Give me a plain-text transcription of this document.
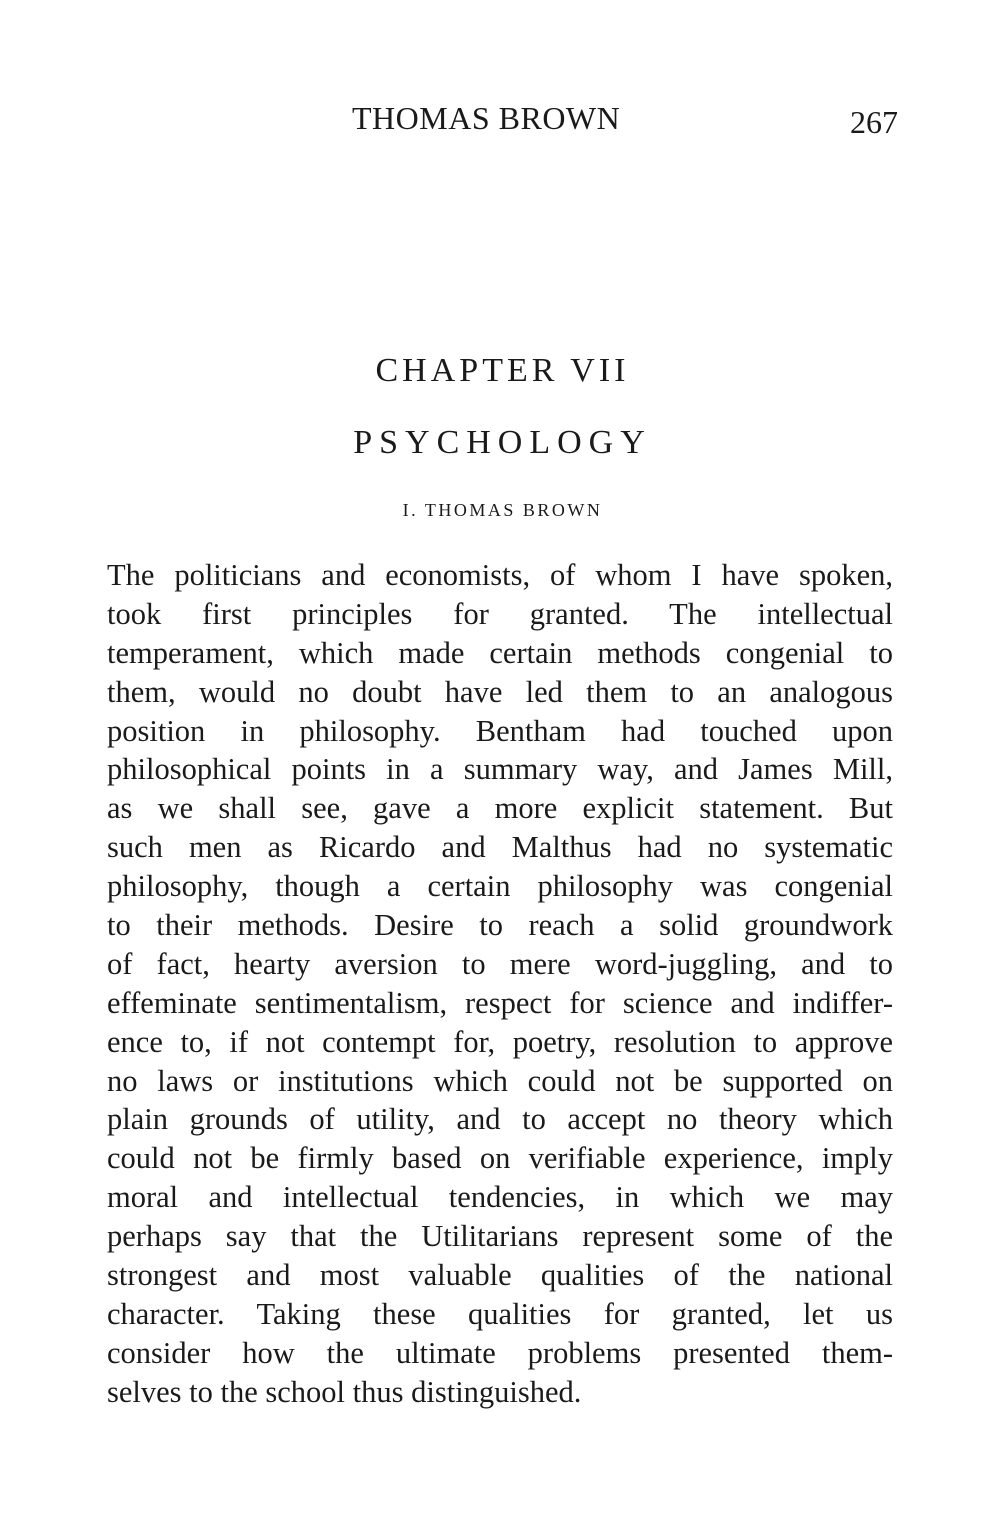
THOMAS BROWN	267
CHAPTER VII
PSYCHOLOGY
I. THOMAS BROWN
The politicians and economists, of whom I have spoken,
took first principles for granted. The intellectual
temperament, which made certain methods congenial to
them, would no doubt have led them to an analogous
position in philosophy. Bentham had touched upon
philosophical points in a summary way, and James Mill,
as we shall see, gave a more explicit statement. But
such men as Ricardo and Malthus had no systematic
philosophy, though a certain philosophy was congenial
to their methods. Desire to reach a solid groundwork
of fact, hearty aversion to mere word-juggling, and to
effeminate sentimentalism, respect for science and indiffer-
ence to, if not contempt for, poetry, resolution to approve
no laws or institutions which could not be supported on
plain grounds of utility, and to accept no theory which
could not be firmly based on verifiable experience, imply
moral and intellectual tendencies, in which we may
perhaps say that the Utilitarians represent some of the
strongest and most valuable qualities of the national
character. Taking these qualities for granted, let us
consider how the ultimate problems presented them-
selves to the school thus distinguished.
